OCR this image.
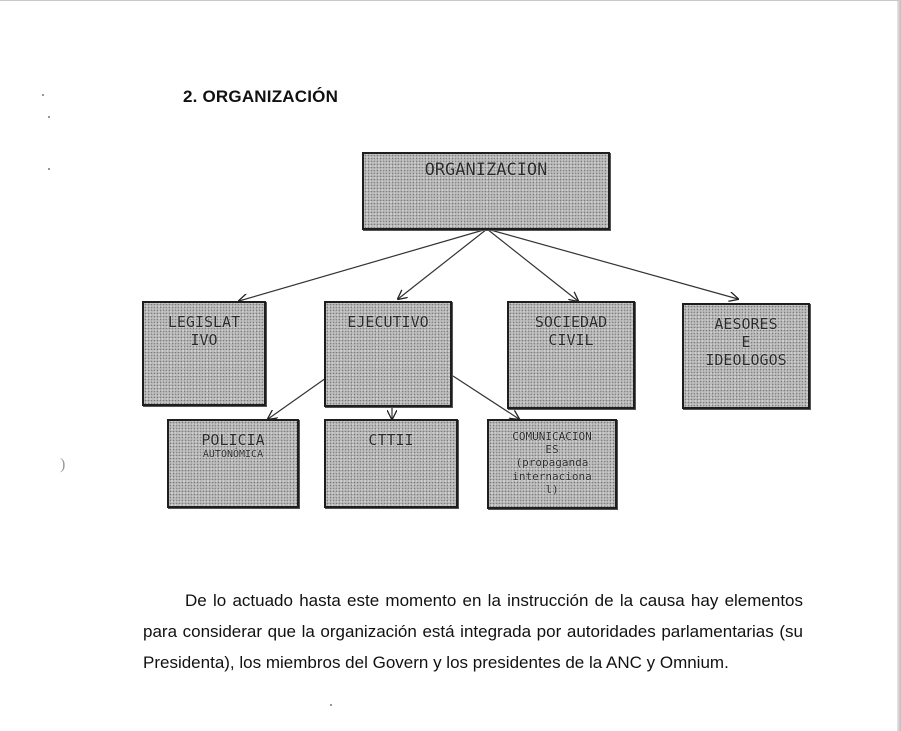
)
2. ORGANIZACIÓN
ORGANIZACION
LEGISLAT
IVO
EJECUTIVO	SOCIEDAD
CIVIL
AESORES
E
IDEOLOGOS
POLICIA
AUTONÓMICA
CTTII	COMUNICACION
ES
(propaganda
internaciona
l)

De lo actuado hasta este momento en la instrucción de la causa hay elementos para considerar que la organización está integrada por autoridades parlamentarias (su Presidenta), los miembros del Govern y los presidentes de la ANC y Omnium.
